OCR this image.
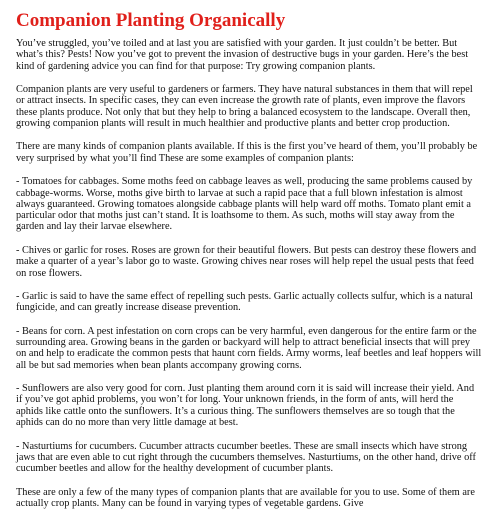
Companion Planting Organically

You’ve struggled, you’ve toiled and at last you are satisfied with your garden. It just couldn’t be better. But what’s this? Pests! Now you’ve got to prevent the invasion of destructive bugs in your garden. Here’s the best kind of gardening advice you can find for that purpose: Try growing companion plants.

Companion plants are very useful to gardeners or farmers. They have natural substances in them that will repel or attract insects. In specific cases, they can even increase the growth rate of plants, even improve the flavors these plants produce. Not only that but they help to bring a balanced ecosystem to the landscape. Overall then, growing companion plants will result in much healthier and productive plants and better crop production.

There are many kinds of companion plants available. If this is the first you’ve heard of them, you’ll probably be very surprised by what you’ll find These are some examples of companion plants:

- Tomatoes for cabbages. Some moths feed on cabbage leaves as well, producing the same problems caused by cabbage-worms. Worse, moths give birth to larvae at such a rapid pace that a full blown infestation is almost always guaranteed. Growing tomatoes alongside cabbage plants will help ward off moths. Tomato plant emit a particular odor that moths just can’t stand. It is loathsome to them. As such, moths will stay away from the garden and lay their larvae elsewhere.

- Chives or garlic for roses. Roses are grown for their beautiful flowers. But pests can destroy these flowers and make a quarter of a year’s labor go to waste. Growing chives near roses will help repel the usual pests that feed on rose flowers.

- Garlic is said to have the same effect of repelling such pests. Garlic actually collects sulfur, which is a natural fungicide, and can greatly increase disease prevention.

- Beans for corn. A pest infestation on corn crops can be very harmful, even dangerous for the entire farm or the surrounding area. Growing beans in the garden or backyard will help to attract beneficial insects that will prey on and help to eradicate the common pests that haunt corn fields. Army worms, leaf beetles and leaf hoppers will all be but sad memories when bean plants accompany growing corns.

- Sunflowers are also very good for corn. Just planting them around corn it is said will increase their yield. And if you’ve got aphid problems, you won’t for long. Your unknown friends, in the form of ants, will herd the aphids like cattle onto the sunflowers. It’s a curious thing. The sunflowers themselves are so tough that the aphids can do no more than very little damage at best.

- Nasturtiums for cucumbers. Cucumber attracts cucumber beetles. These are small insects which have strong jaws that are even able to cut right through the cucumbers themselves. Nasturtiums, on the other hand, drive off cucumber beetles and allow for the healthy development of cucumber plants.

These are only a few of the many types of companion plants that are available for you to use. Some of them are actually crop plants. Many can be found in varying types of vegetable gardens. Give
